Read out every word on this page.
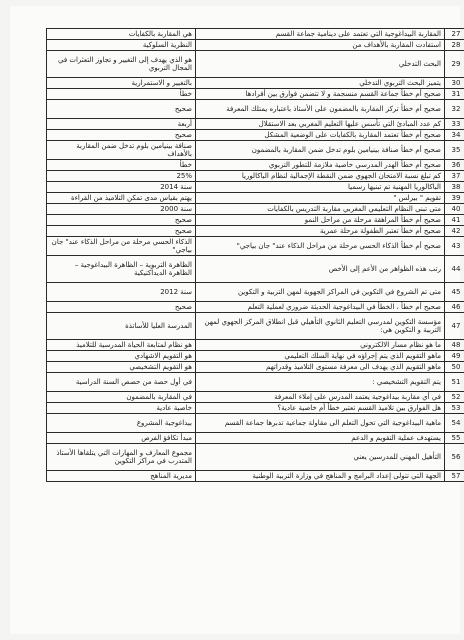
27	المقاربة البيداغوجية التي تعتمد على دينامية جماعة القسم	هي المقاربة بالكفايات
28	استفادت المقاربة بالأهداف من	النظرية السلوكية
29	البحث التدخلي	هو الذي يهدف إلى التغيير و تجاوز التعثرات في المجال التربوي
30	يتميز البحث التربوي التدخلي	بالتغيير و الاستمرارية
31	صحيح أم خطأ جماعة القسم منسجمة و لا تتضمن فوارق بين أفرادها	خطأ
32	صحيح أم خطأ تركز المقاربة بالمضمون على الأستاذ باعتباره يمتلك المعرفة	صحيح
33	كم عدد المبادئ التي تأسس عليها التعليم المغربي بعد الاستقلال	أربعة
34	صحيح أم خطأ تعتمد المقاربة بالكفايات على الوضعية المشكل	صحيح
35	صحيح أم خطأ صنافة بينيامين بلوم تدخل ضمن المقاربة بالمضمون	صنافة بينيامين بلوم تدخل ضمن المقاربة بالأهداف
36	صحيح أم خطأ الهدر المدرسي خاصية ملازمة للتطور التربوي	خطأ
37	كم تبلغ نسبة الامتحان الجهوي ضمن النقطة الإجمالية لنظام الباكالوريا	25%
38	الباكالوريا المهنية تم تبنيها رسميا	سنة 2014
39	تقويم " بيرلس "	يهتم بقياس مدى تمكن التلاميذ من القراءة
40	متى تبنى النظام التعليمي المغربي مقاربة التدريس بالكفايات	سنة 2000
41	صحيح أم خطأ المراهقة مرحلة من مراحل النمو	صحيح
42	صحيح أم خطأ تعتبر الطفولة مرحلة عمرية	صحيح
43	صحيح أم خطأ الذكاء الحسي مرحلة من مراحل الذكاء عند" جان بياجي"	الذكاء الحسي مرحلة من مراحل الذكاء عند" جان بياجي"
44	رتب هذه الظواهر من الأعم إلى الأخص	الظاهرة التربوية – الظاهرة البيداغوجية – الظاهرة الديداكتيكية
45	متى تم الشروع في التكوين في المراكز الجهوية لمهن التربية و التكوين	سنة 2012
46	صحيح أم خطأ ، الخطأ في البيداغوجية الحديثة ضروري لعملية التعلم	صحيح
47	مؤسسة التكوين لمدرسي التعليم الثانوي التأهيلي قبل انطلاق المركز الجهوي لمهن التربية و التكوين هي:	المدرسة العليا للأساتذة
48	ما هو نظام مسار الالكتروني	هو نظام لمتابعة الحياة المدرسية للتلاميذ
49	ماهو التقويم الذي يتم إجراؤه في نهاية السلك التعليمي	هو التقويم الاشهادي
50	ماهو التقويم الذي يهدف الى معرفة مستوى التلاميذ وقدراتهم	هو التقويم التشخيصي
51	يتم التقويم التشخيصي :	في أول حصة من حصص السنة الدراسية
52	في أي مقاربة بيداغوجية يعتمد المدرس على إملاء المعرفة	في المقاربة بالمضمون
53	هل الفوارق بين تلاميذ القسم تعتبر خطأ أم خاصية عادية؟	خاصية عادية
54	ماهية البيداغوجية التي تحول التعلم الى مقاولة جماعية تدبرها جماعة القسم	بيداغوجية المشروع
55	يستهدف عملية التقويم و الدعم	مبدأ تكافؤ الفرص
56	التأهيل المهني للمدرسين يعني	مجموع المعارف و المهارات التي يتلقاها الأستاذ المتدرب في مراكز التكوين
57	الجهة التي تتولى إعداد البرامج و المناهج في وزارة التربية الوطنية	مديرية المناهج
